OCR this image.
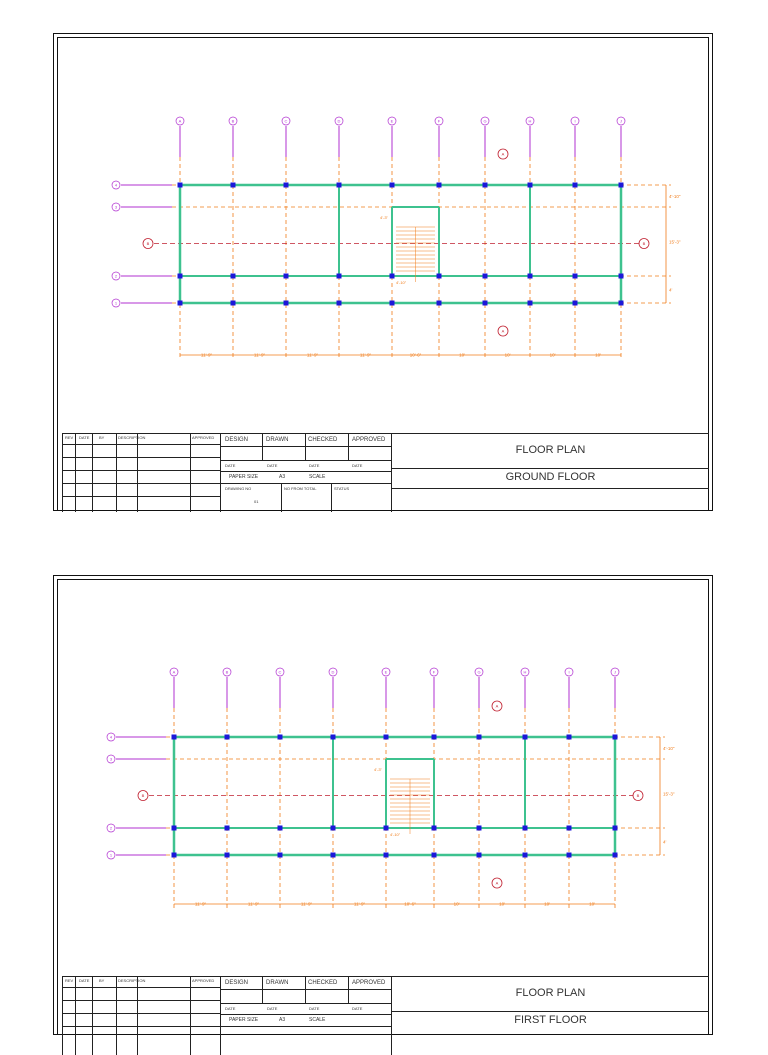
A	B	C	D	E	F	G	H	I	J
4
3
2
1
B	B
A
A
4'-3"
4'-10"
11'-9"	11'-9"	11'-9"	11'-9"	10'-6"	10'	10'	10'	10'
4'-10"
15'-3"
4'
REV DATE BY	DESCRIPTION	APPROVED DESIGN	DRAWN	CHECKED APPROVED
DATE	DATE	DATE	DATE
PAPER SIZE	A3	SCALE
DRAWING NO	NO FROM TOTAL	STATUS
01
FLOOR PLAN
GROUND FLOOR
A	B	C	D	E	F	G	H	I	J
4
3
2
1
B	B
A
A
4'-3"
4'-10"
11'-9"	11'-9"	11'-9"	11'-9"	10'-6"	10'	10'	10'	10'
4'-10"
15'-3"
4'
REV DATE BY	DESCRIPTION	APPROVED DESIGN	DRAWN	CHECKED APPROVED
DATE	DATE	DATE	DATE
PAPER SIZE	A3	SCALE
FLOOR PLAN
FIRST FLOOR
